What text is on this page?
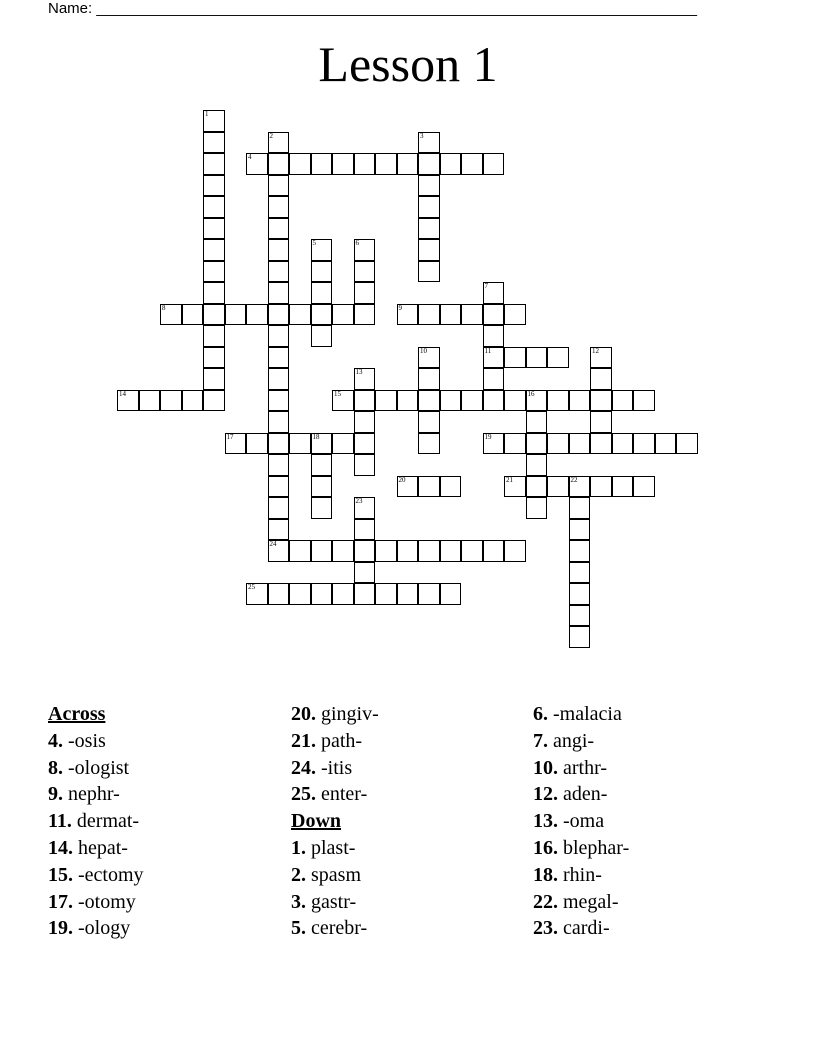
Name: ________________________________________________________________________
Lesson 1
1
2
24
3
4
5	6
7
11
8	9
10	12
13
14	15	16
17	18	19
20	21	22
23
25
Across
4. -osis
8. -ologist
9. nephr-
11. dermat-
14. hepat-
15. -ectomy
17. -otomy
19. -ology
20. gingiv-
21. path-
24. -itis
25. enter-
Down
1. plast-
2. spasm
3. gastr-
5. cerebr-
6. -malacia
7. angi-
10. arthr-
12. aden-
13. -oma
16. blephar-
18. rhin-
22. megal-
23. cardi-
